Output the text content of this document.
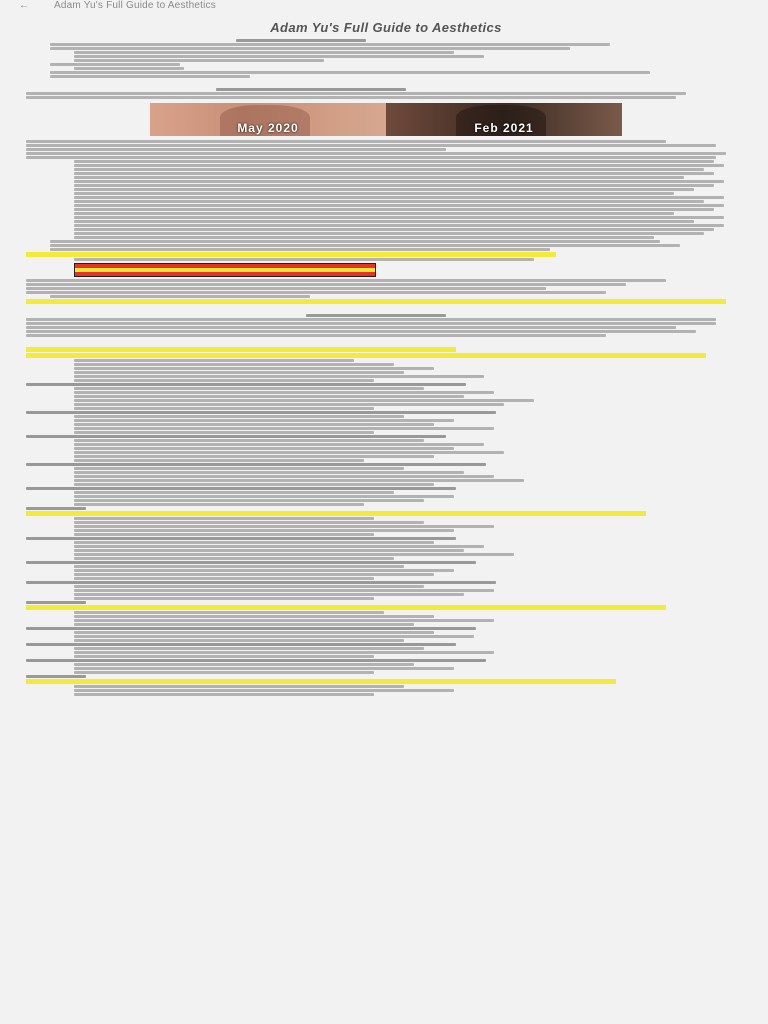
←	Adam Yu's Full Guide to Aesthetics
Adam Yu's Full Guide to Aesthetics
May 2020	Feb 2021
